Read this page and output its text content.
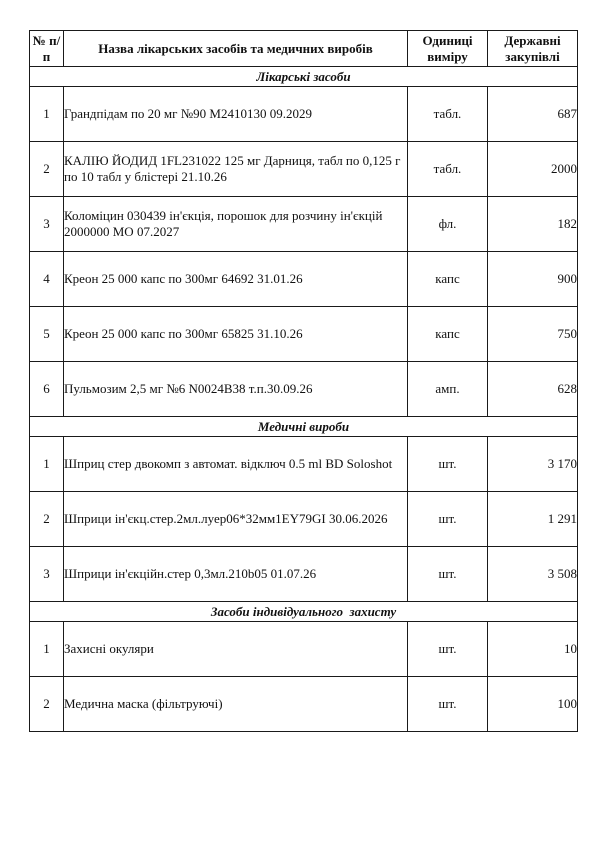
№ п/п	Назва лікарських засобів та медичних виробів	Одиниці виміру	Державні закупівлі
Лікарські засоби			
1	Грандпідам по 20 мг №90 М2410130 09.2029	табл.	687
2	КАЛІЮ ЙОДИД 1FL231022 125 мг Дарниця, табл по 0,125 г по 10 табл у блістері 21.10.26	табл.	2000
3	Коломіцин 030439 ін'єкція, порошок для розчину ін'єкцій 2000000 МО 07.2027	фл.	182
4	Креон 25 000 капс по 300мг 64692 31.01.26	капс	900
5	Креон 25 000 капс по 300мг 65825 31.10.26	капс	750
6	Пульмозим 2,5 мг №6 N0024B38 т.п.30.09.26	амп.	628
Медичні вироби			
1	Шприц стер двокомп з автомат. відключ 0.5 ml BD Soloshot	шт.	3 170
2	Шприци ін'єкц.стер.2мл.луер06*32мм1EY79GI 30.06.2026	шт.	1 291
3	Шприци ін'єкційн.стер 0,3мл.210b05 01.07.26	шт.	3 508
Засоби індивідуального  захисту			
1	Захисні окуляри	шт.	10
2	Медична маска (фільтруючі)	шт.	100
